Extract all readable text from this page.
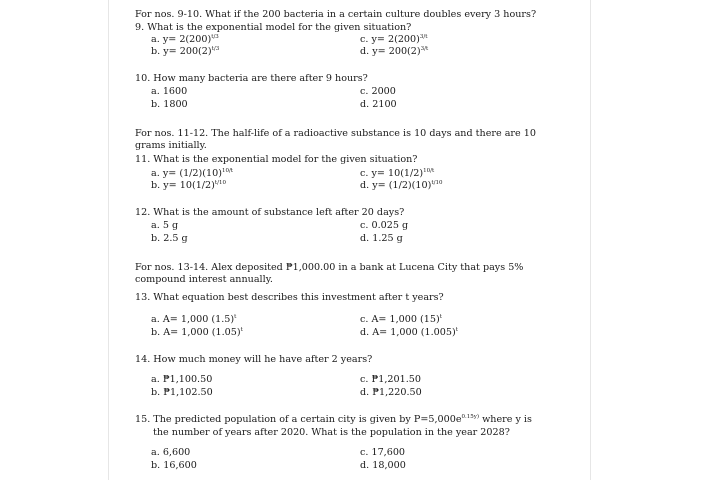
For nos. 9-10. What if the 200 bacteria in a certain culture doubles every 3 hours?
9. What is the exponential model for the given situation?
a. $y= 2(200)^{t/3}$	c. $y= 2(200)^{3/t}$
b. $y= 200(2)^{t/3}$	d. $y= 200(2)^{3/t}$
10. How many bacteria are there after 9 hours?
a. 1600	c. 2000
b. 1800	d. 2100
For nos. 11-12. The half-life of a radioactive substance is 10 days and there are 10 grams initially.
11. What is the exponential model for the given situation?
a. $y= (1/2)(10)^{10/t}$	c. $y= 10(1/2)^{10/t}$
b. $y= 10(1/2)^{t/10}$	d. $y= (1/2)(10)^{t/10}$
12. What is the amount of substance left after 20 days?
a. 5 g	c. 0.025 g
b. 2.5 g	d. 1.25 g
For nos. 13-14. Alex deposited ₱1,000.00 in a bank at Lucena City that pays 5% compound interest annually.
13. What equation best describes this investment after t years?
a. A= 1,000 $(1.5)^t$	c. A= 1,000 $(15)^t$
b. A= 1,000 $(1.05)^t$	d. A= 1,000 $(1.005)^t$
14. How much money will he have after 2 years?
a. ₱1,100.50	c. ₱1,201.50
b. ₱1,102.50	d. ₱1,220.50
15. The predicted population of a certain city is given by $P=5,000e^{0.15y)}$ where y is
the number of years after 2020. What is the population in the year 2028?
a. 6,600	c. 17,600
b. 16,600	d. 18,000
